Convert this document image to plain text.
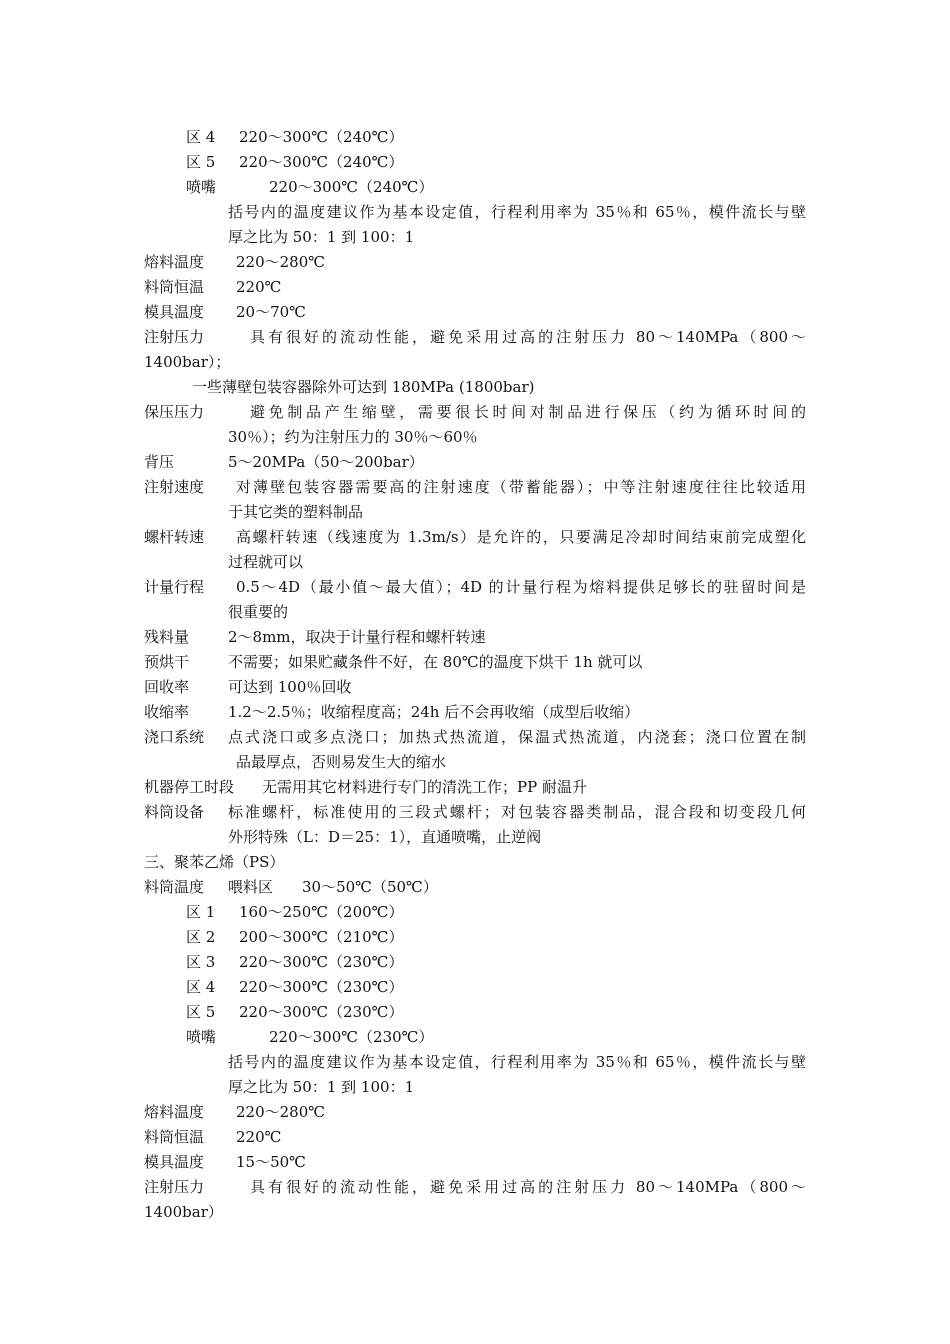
区 4 220～300℃（240℃）
区 5 220～300℃（240℃）
喷嘴	220～300℃（240℃）
括号内的温度建议作为基本设定值，行程利用率为 35％和 65％，模件流长与壁
厚之比为 50：1 到 100：1
熔料温度 220～280℃
料筒恒温 220℃
模具温度 20～70℃
注射压力	具有很好的流动性能，避免采用过高的注射压力 80～140MPa（800～
1400bar）；
一些薄壁包装容器除外可达到 180MPa (1800bar)
保压压力	避免制品产生缩壁，需要很长时间对制品进行保压（约为循环时间的
30％）；约为注射压力的 30％～60％
背压	5～20MPa（50～200bar）
注射速度 对薄壁包装容器需要高的注射速度（带蓄能器）；中等注射速度往往比较适用
于其它类的塑料制品
螺杆转速 高螺杆转速（线速度为 1.3m/s）是允许的，只要满足冷却时间结束前完成塑化
过程就可以
计量行程 0.5～4D（最小值～最大值）；4D 的计量行程为熔料提供足够长的驻留时间是
很重要的
残料量	2～8mm，取决于计量行程和螺杆转速
预烘干	不需要；如果贮藏条件不好，在 80℃的温度下烘干 1h 就可以
回收率	可达到 100％回收
收缩率	1.2～2.5％；收缩程度高；24h 后不会再收缩（成型后收缩）
浇口系统 点式浇口或多点浇口；加热式热流道，保温式热流道，内浇套；浇口位置在制
品最厚点，否则易发生大的缩水
机器停工时段 无需用其它材料进行专门的清洗工作；PP 耐温升
料筒设备 标准螺杆，标准使用的三段式螺杆；对包装容器类制品，混合段和切变段几何
外形特殊（L：D＝25：1），直通喷嘴，止逆阀
三、聚苯乙烯（PS）
料筒温度 喂料区 30～50℃（50℃）
区 1 160～250℃（200℃）
区 2 200～300℃（210℃）
区 3 220～300℃（230℃）
区 4 220～300℃（230℃）
区 5 220～300℃（230℃）
喷嘴	220～300℃（230℃）
括号内的温度建议作为基本设定值，行程利用率为 35％和 65％，模件流长与壁
厚之比为 50：1 到 100：1
熔料温度 220～280℃
料筒恒温 220℃
模具温度 15～50℃
注射压力	具有很好的流动性能，避免采用过高的注射压力 80～140MPa（800～
1400bar）
